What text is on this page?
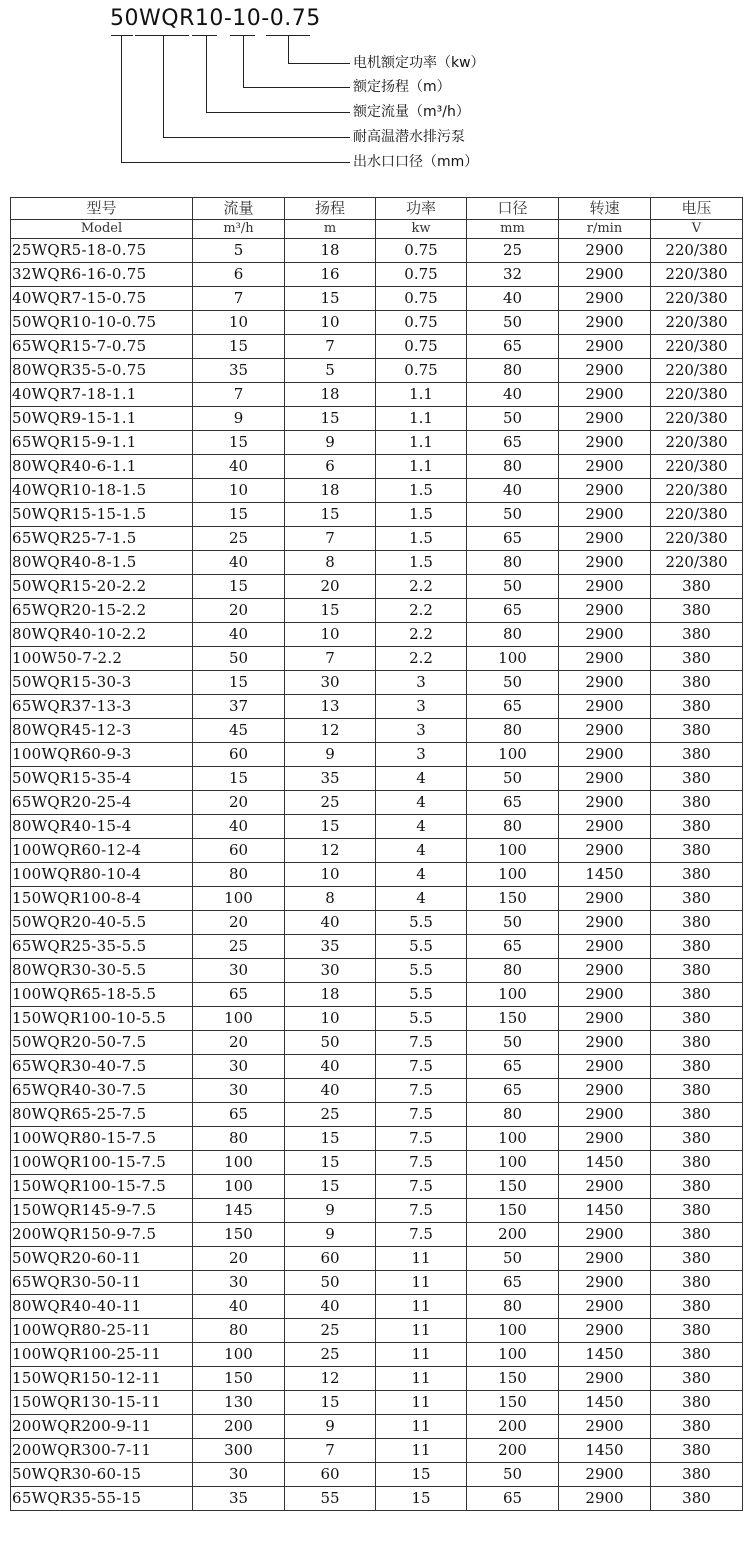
50WQR10-10-0.75
电机额定功率（kw）
额定扬程（m）
额定流量（m³/h）
耐高温潜水排污泵
出水口口径（mm）
型号	流量	扬程	功率	口径	转速	电压
Model	m³/h	m	kw	mm	r/min	V
25WQR5-18-0.75	5	18	0.75	25	2900	220/380
32WQR6-16-0.75	6	16	0.75	32	2900	220/380
40WQR7-15-0.75	7	15	0.75	40	2900	220/380
50WQR10-10-0.75	10	10	0.75	50	2900	220/380
65WQR15-7-0.75	15	7	0.75	65	2900	220/380
80WQR35-5-0.75	35	5	0.75	80	2900	220/380
40WQR7-18-1.1	7	18	1.1	40	2900	220/380
50WQR9-15-1.1	9	15	1.1	50	2900	220/380
65WQR15-9-1.1	15	9	1.1	65	2900	220/380
80WQR40-6-1.1	40	6	1.1	80	2900	220/380
40WQR10-18-1.5	10	18	1.5	40	2900	220/380
50WQR15-15-1.5	15	15	1.5	50	2900	220/380
65WQR25-7-1.5	25	7	1.5	65	2900	220/380
80WQR40-8-1.5	40	8	1.5	80	2900	220/380
50WQR15-20-2.2	15	20	2.2	50	2900	380
65WQR20-15-2.2	20	15	2.2	65	2900	380
80WQR40-10-2.2	40	10	2.2	80	2900	380
100W50-7-2.2	50	7	2.2	100	2900	380
50WQR15-30-3	15	30	3	50	2900	380
65WQR37-13-3	37	13	3	65	2900	380
80WQR45-12-3	45	12	3	80	2900	380
100WQR60-9-3	60	9	3	100	2900	380
50WQR15-35-4	15	35	4	50	2900	380
65WQR20-25-4	20	25	4	65	2900	380
80WQR40-15-4	40	15	4	80	2900	380
100WQR60-12-4	60	12	4	100	2900	380
100WQR80-10-4	80	10	4	100	1450	380
150WQR100-8-4	100	8	4	150	2900	380
50WQR20-40-5.5	20	40	5.5	50	2900	380
65WQR25-35-5.5	25	35	5.5	65	2900	380
80WQR30-30-5.5	30	30	5.5	80	2900	380
100WQR65-18-5.5	65	18	5.5	100	2900	380
150WQR100-10-5.5	100	10	5.5	150	2900	380
50WQR20-50-7.5	20	50	7.5	50	2900	380
65WQR30-40-7.5	30	40	7.5	65	2900	380
65WQR40-30-7.5	30	40	7.5	65	2900	380
80WQR65-25-7.5	65	25	7.5	80	2900	380
100WQR80-15-7.5	80	15	7.5	100	2900	380
100WQR100-15-7.5	100	15	7.5	100	1450	380
150WQR100-15-7.5	100	15	7.5	150	2900	380
150WQR145-9-7.5	145	9	7.5	150	1450	380
200WQR150-9-7.5	150	9	7.5	200	2900	380
50WQR20-60-11	20	60	11	50	2900	380
65WQR30-50-11	30	50	11	65	2900	380
80WQR40-40-11	40	40	11	80	2900	380
100WQR80-25-11	80	25	11	100	2900	380
100WQR100-25-11	100	25	11	100	1450	380
150WQR150-12-11	150	12	11	150	2900	380
150WQR130-15-11	130	15	11	150	1450	380
200WQR200-9-11	200	9	11	200	2900	380
200WQR300-7-11	300	7	11	200	1450	380
50WQR30-60-15	30	60	15	50	2900	380
65WQR35-55-15	35	55	15	65	2900	380
